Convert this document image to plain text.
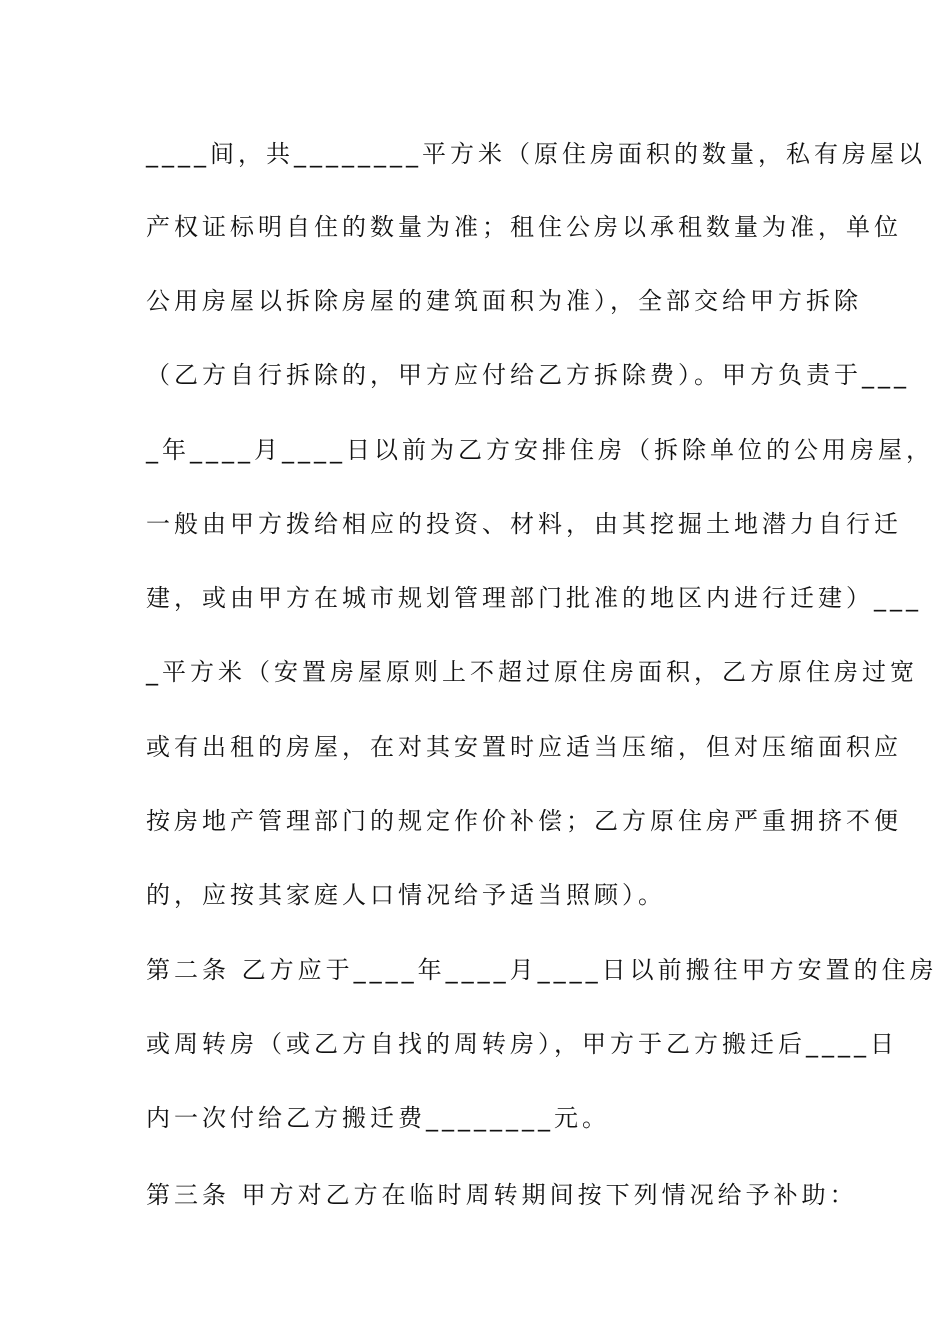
____间，共________平方米（原住房面积的数量，私有房屋以
产权证标明自住的数量为准；租住公房以承租数量为准，单位
公用房屋以拆除房屋的建筑面积为准），全部交给甲方拆除
（乙方自行拆除的，甲方应付给乙方拆除费）。甲方负责于___
_年____月____日以前为乙方安排住房（拆除单位的公用房屋，
一般由甲方拨给相应的投资、材料，由其挖掘土地潜力自行迁
建，或由甲方在城市规划管理部门批准的地区内进行迁建）___
_平方米（安置房屋原则上不超过原住房面积，乙方原住房过宽
或有出租的房屋，在对其安置时应适当压缩，但对压缩面积应
按房地产管理部门的规定作价补偿；乙方原住房严重拥挤不便
的，应按其家庭人口情况给予适当照顾）。
第二条 乙方应于____年____月____日以前搬往甲方安置的住房
或周转房（或乙方自找的周转房），甲方于乙方搬迁后____日
内一次付给乙方搬迁费________元。
第三条 甲方对乙方在临时周转期间按下列情况给予补助：
